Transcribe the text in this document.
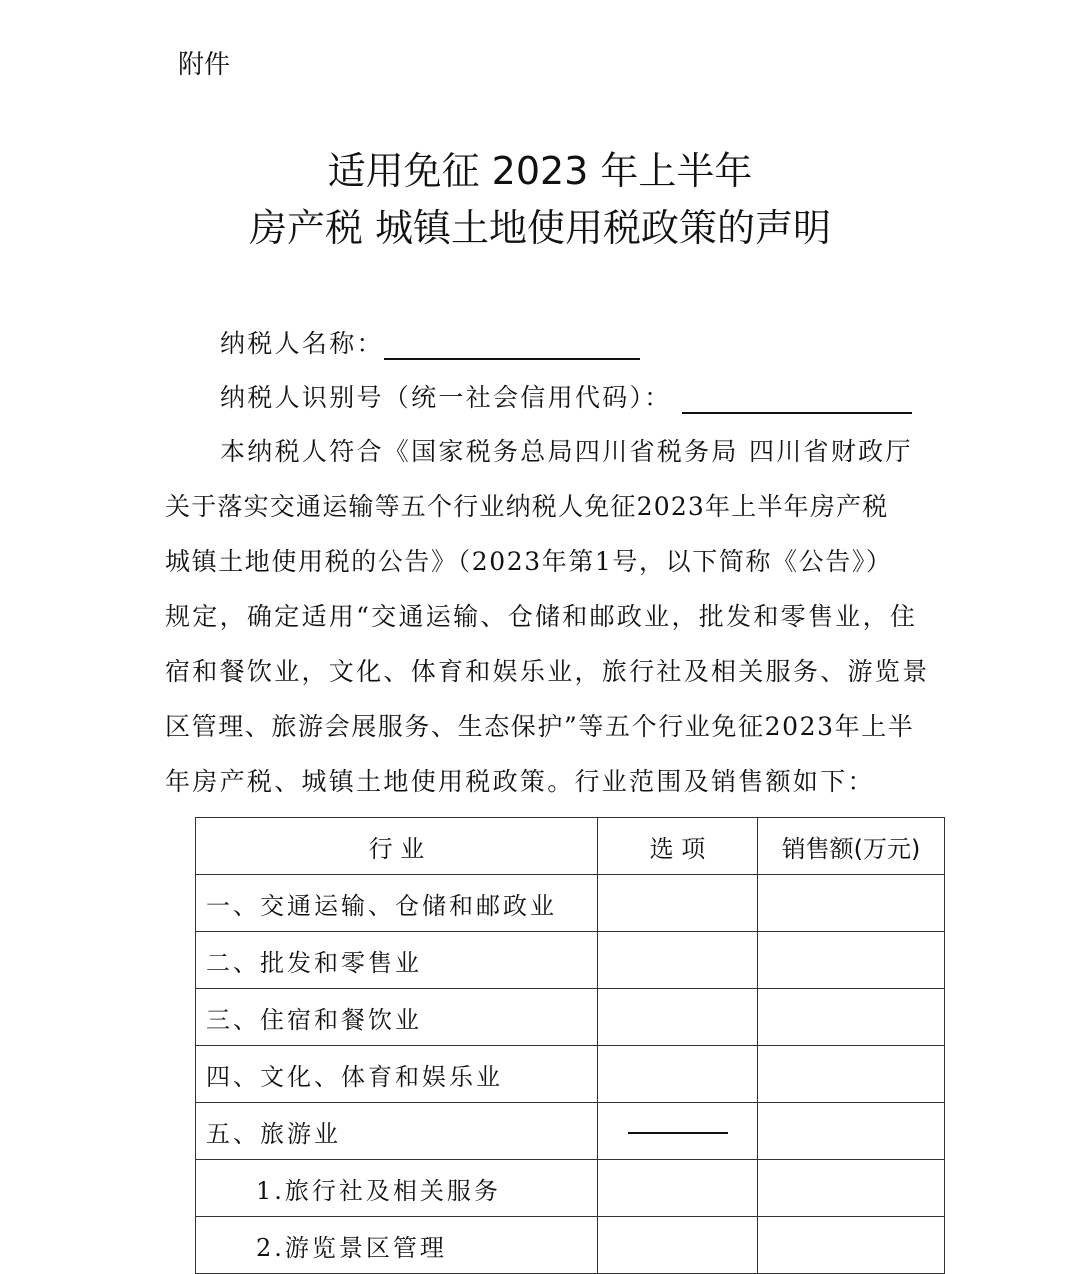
附件
适用免征 2023 年上半年
房产税 城镇土地使用税政策的声明
纳税人名称：
纳税人识别号（统一社会信用代码）：
本纳税人符合《国家税务总局四川省税务局 四川省财政厅
关于落实交通运输等五个行业纳税人免征2023年上半年房产税
城镇土地使用税的公告》（2023年第1号，以下简称《公告》）
规定，确定适用“交通运输、仓储和邮政业，批发和零售业，住
宿和餐饮业，文化、体育和娱乐业，旅行社及相关服务、游览景
区管理、旅游会展服务、生态保护”等五个行业免征2023年上半
年房产税、城镇土地使用税政策。行业范围及销售额如下：
行 业	选 项	销售额(万元)
一、交通运输、仓储和邮政业		
二、批发和零售业		
三、住宿和餐饮业		
四、文化、体育和娱乐业		
五、旅游业		
1.旅行社及相关服务		
2.游览景区管理		
